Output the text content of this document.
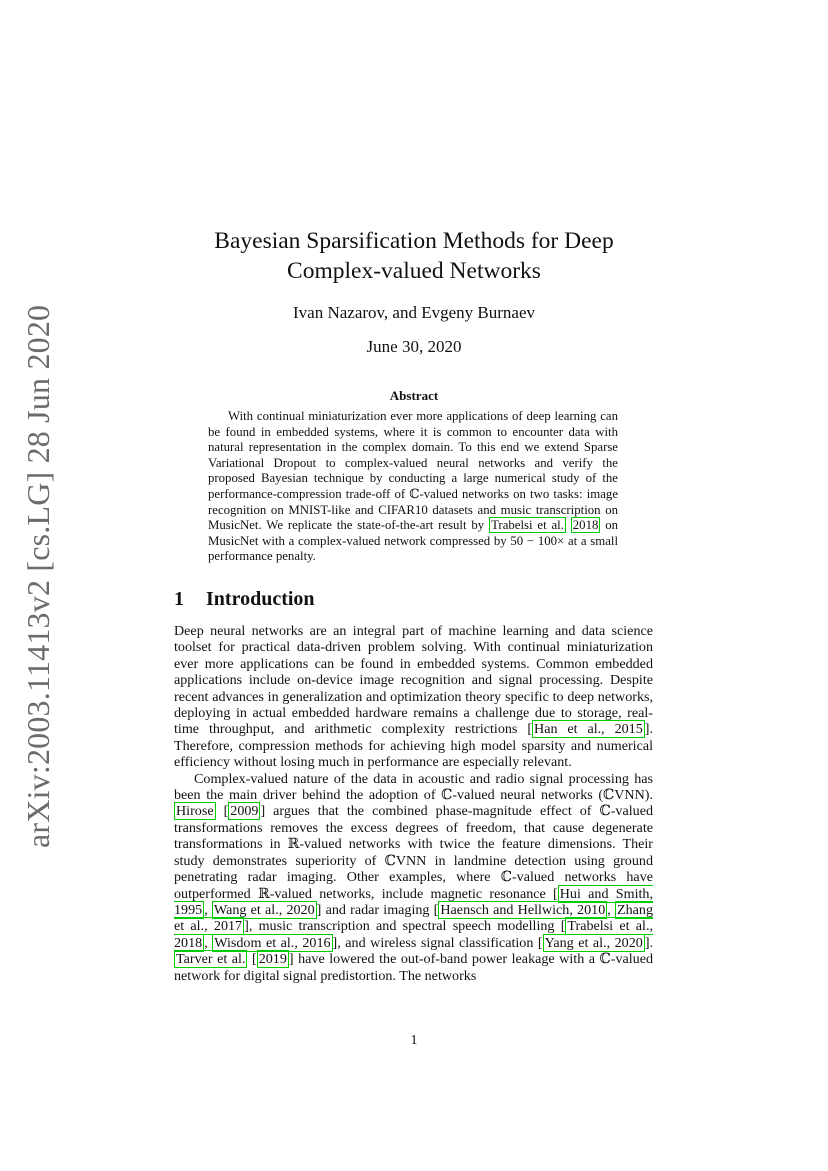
arXiv:2003.11413v2 [cs.LG] 28 Jun 2020
Bayesian Sparsification Methods for Deep
Complex-valued Networks
Ivan Nazarov, and Evgeny Burnaev
June 30, 2020
Abstract

With continual miniaturization ever more applications of deep learning can be found in embedded systems, where it is common to encounter data with natural representation in the complex domain. To this end we extend Sparse Variational Dropout to complex-valued neural networks and verify the proposed Bayesian technique by conducting a large numerical study of the performance-compression trade-off of ℂ-valued networks on two tasks: image recognition on MNIST-like and CIFAR10 datasets and music transcription on MusicNet. We replicate the state-of-the-art result by Trabelsi et al. 2018 on MusicNet with a complex-valued network compressed by 50 − 100× at a small performance penalty.

1 Introduction

Deep neural networks are an integral part of machine learning and data science toolset for practical data-driven problem solving. With continual miniaturization ever more applications can be found in embedded systems. Common embedded applications include on-device image recognition and signal processing. Despite recent advances in generalization and optimization theory specific to deep networks, deploying in actual embedded hardware remains a challenge due to storage, real-time throughput, and arithmetic complexity restrictions [ Han et al., 2015 ]. Therefore, compression methods for achieving high model sparsity and numerical efficiency without losing much in performance are especially relevant.

Complex-valued nature of the data in acoustic and radio signal processing has been the main driver behind the adoption of ℂ-valued neural networks (ℂVNN). Hirose [ 2009 ] argues that the combined phase-magnitude effect of ℂ-valued transformations removes the excess degrees of freedom, that cause degenerate transformations in ℝ-valued networks with twice the feature dimensions. Their study demonstrates superiority of ℂVNN in landmine detection using ground penetrating radar imaging. Other examples, where ℂ-valued networks have outperformed ℝ-valued networks, include magnetic resonance [ Hui and Smith, 1995 , Wang et al., 2020 ] and radar imaging [ Haensch and Hellwich, 2010 , Zhang et al., 2017 ], music transcription and spectral speech modelling [ Trabelsi et al., 2018 , Wisdom et al., 2016 ], and wireless signal classification [ Yang et al., 2020 ]. Tarver et al. [ 2019 ] have lowered the out-of-band power leakage with a ℂ-valued network for digital signal predistortion. The networks

1
